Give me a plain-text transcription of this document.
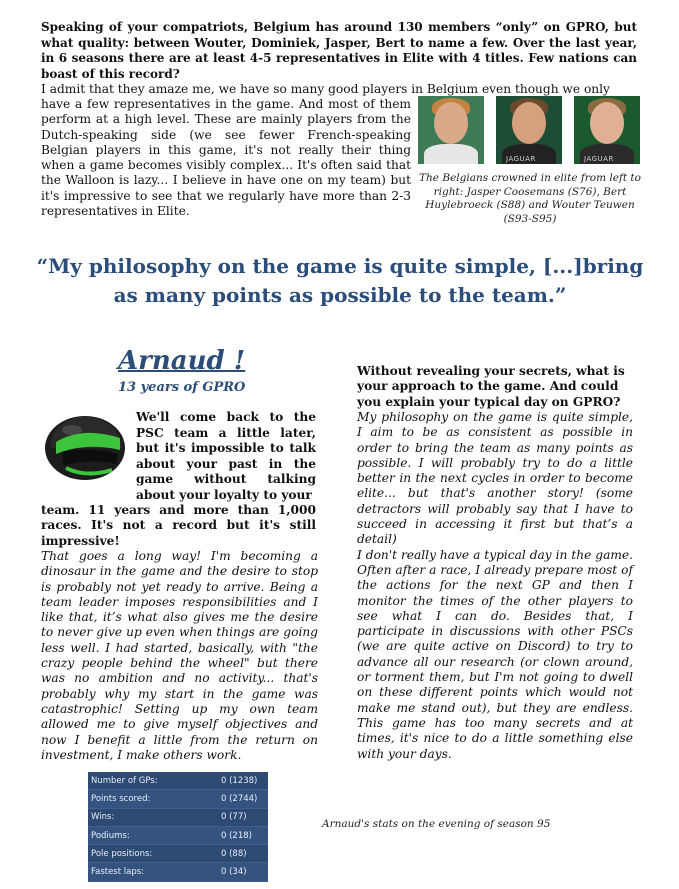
Speaking of your compatriots, Belgium has around 130 members “only” on GPRO, but what quality: between Wouter, Dominiek, Jasper, Bert to name a few. Over the last year, in 6 seasons there are at least 4-5 representatives in Elite with 4 titles. Few nations can boast of this record?
I admit that they amaze me, we have so many good players in Belgium even though we only
have a few representatives in the game. And most of them perform at a high level. These are mainly players from the Dutch-speaking side (we see fewer French-speaking Belgian players in this game, it's not really their thing when a game becomes visibly complex... It's often said that the Walloon is lazy... I believe in have one on my team) but it's impressive to see that we regularly have more than 2-3 representatives in Elite.
JAGUAR	JAGUAR
The Belgians crowned in elite from left to right: Jasper Coosemans (S76), Bert Huylebroeck (S88) and Wouter Teuwen (S93-S95)
“My philosophy on the game is quite simple, [...]bring as many points as possible to the team.”
Arnaud !
13 years of GPRO
We'll come back to the PSC team a little later, but it's impossible to talk about your past in the game without talking about your loyalty to your
team. 11 years and more than 1,000 races. It's not a record but it's still impressive!
That goes a long way! I'm becoming a dinosaur in the game and the desire to stop is probably not yet ready to arrive. Being a team leader imposes responsibilities and I like that, it’s what also gives me the desire to never give up even when things are going less well. I had started, basically, with "the crazy people behind the wheel" but there was no ambition and no activity... that's probably why my start in the game was catastrophic! Setting up my own team allowed me to give myself objectives and now I benefit a little from the return on investment, I make others work.
Without revealing your secrets, what is your approach to the game. And could you explain your typical day on GPRO?
My philosophy on the game is quite simple, I aim to be as consistent as possible in order to bring the team as many points as possible. I will probably try to do a little better in the next cycles in order to become elite... but that's another story! (some detractors will probably say that I have to succeed in accessing it first but that’s a detail)
I don't really have a typical day in the game. Often after a race, I already prepare most of the actions for the next GP and then I monitor the times of the other players to see what I can do. Besides that, I participate in discussions with other PSCs (we are quite active on Discord) to try to advance all our research (or clown around, or torment them, but I'm not going to dwell on these different points which would not make me stand out), but they are endless. This game has too many secrets and at times, it's nice to do a little something else with your days.
Number of GPs:	0 (1238)
Points scored:	0 (2744)
Wins:	0 (77)
Podiums:	0 (218)
Pole positions:	0 (88)
Fastest laps:	0 (34)
Arnaud's stats on the evening of season 95
